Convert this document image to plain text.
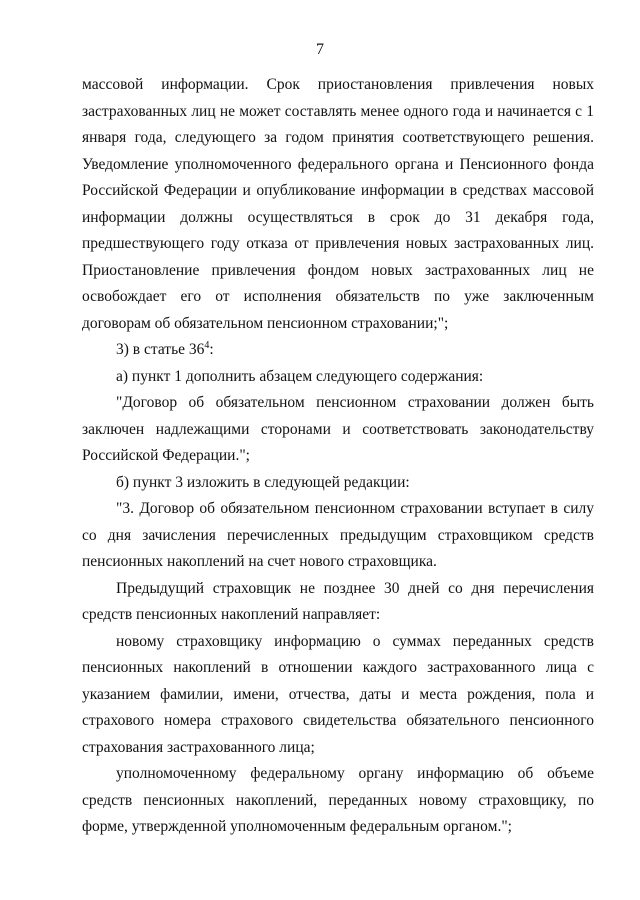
7

массовой информации. Срок приостановления привлечения новых застрахованных лиц не может составлять менее одного года и начинается с 1 января года, следующего за годом принятия соответствующего решения. Уведомление уполномоченного федерального органа и Пенсионного фонда Российской Федерации и опубликование информации в средствах массовой информации должны осуществляться в срок до 31 декабря года, предшествующего году отказа от привлечения новых застрахованных лиц. Приостановление привлечения фондом новых застрахованных лиц не освобождает его от исполнения обязательств по уже заключенным договорам об обязательном пенсионном страховании;";

3) в статье $36^4$:

а) пункт 1 дополнить абзацем следующего содержания:

"Договор об обязательном пенсионном страховании должен быть заключен надлежащими сторонами и соответствовать законодательству Российской Федерации.";

б) пункт 3 изложить в следующей редакции:

"3. Договор об обязательном пенсионном страховании вступает в силу со дня зачисления перечисленных предыдущим страховщиком средств пенсионных накоплений на счет нового страховщика.

Предыдущий страховщик не позднее 30 дней со дня перечисления средств пенсионных накоплений направляет:

новому страховщику информацию о суммах переданных средств пенсионных накоплений в отношении каждого застрахованного лица с указанием фамилии, имени, отчества, даты и места рождения, пола и страхового номера страхового свидетельства обязательного пенсионного страхования застрахованного лица;

уполномоченному федеральному органу информацию об объеме средств пенсионных накоплений, переданных новому страховщику, по форме, утвержденной уполномоченным федеральным органом.";
